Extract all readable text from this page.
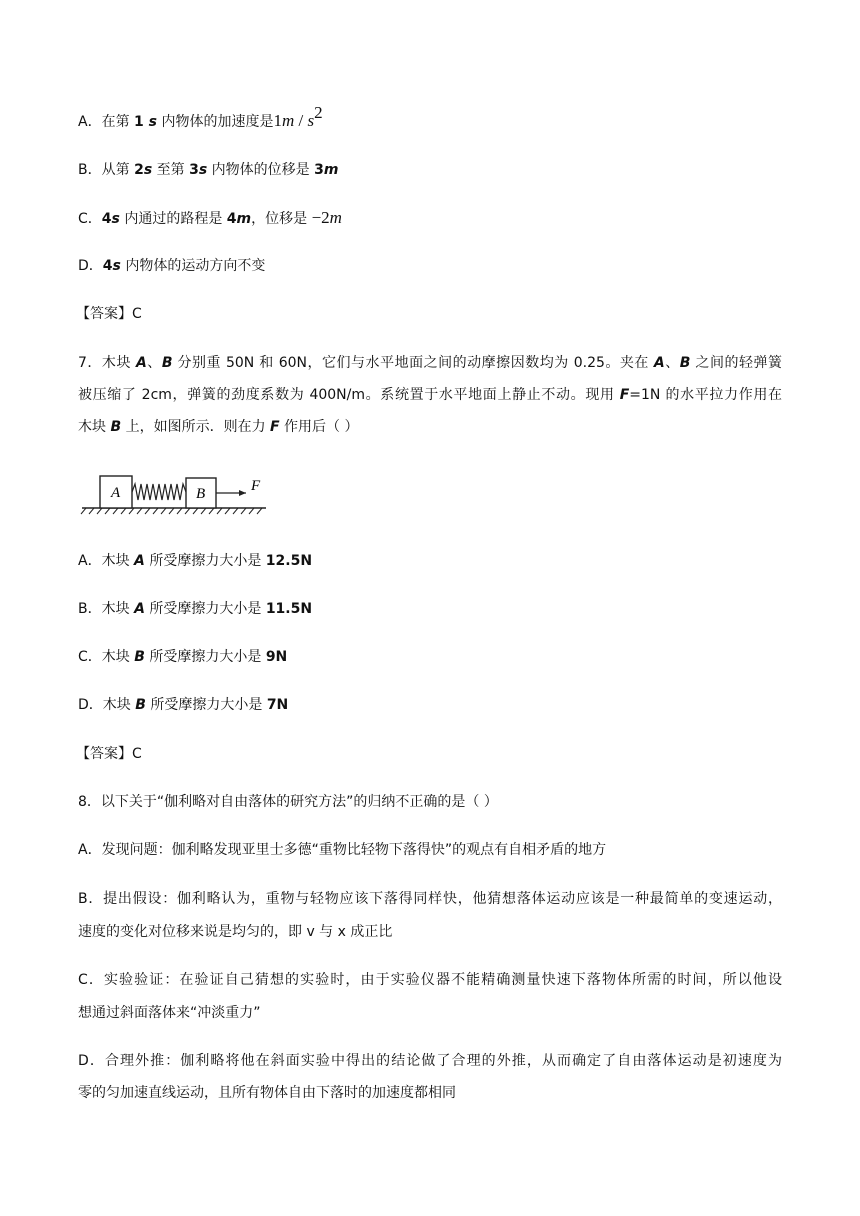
A．在第 1 s 内物体的加速度是$1m / s^2$
B．从第 2s 至第 3s 内物体的位移是 3m
C．4s 内通过的路程是 4m，位移是 −2m
D．4s 内物体的运动方向不变
【答案】C
7．木块 A、B 分别重 50N 和 60N，它们与水平地面之间的动摩擦因数均为 0.25。夹在 A、B 之间的轻弹簧
被压缩了 2cm，弹簧的劲度系数为 400N/m。系统置于水平地面上静止不动。现用 F=1N 的水平拉力作用在
木块 B 上，如图所示．则在力 F 作用后（ ）
A	B	F
A．木块 A 所受摩擦力大小是 12.5N
B．木块 A 所受摩擦力大小是 11.5N
C．木块 B 所受摩擦力大小是 9N
D．木块 B 所受摩擦力大小是 7N
【答案】C
8．以下关于“伽利略对自由落体的研究方法”的归纳不正确的是（ ）
A．发现问题：伽利略发现亚里士多德“重物比轻物下落得快”的观点有自相矛盾的地方
B．提出假设：伽利略认为，重物与轻物应该下落得同样快，他猜想落体运动应该是一种最简单的变速运动，
速度的变化对位移来说是均匀的，即 v 与 x 成正比
C．实验验证：在验证自己猜想的实验时，由于实验仪器不能精确测量快速下落物体所需的时间，所以他设
想通过斜面落体来“冲淡重力”
D．合理外推：伽利略将他在斜面实验中得出的结论做了合理的外推，从而确定了自由落体运动是初速度为
零的匀加速直线运动，且所有物体自由下落时的加速度都相同
